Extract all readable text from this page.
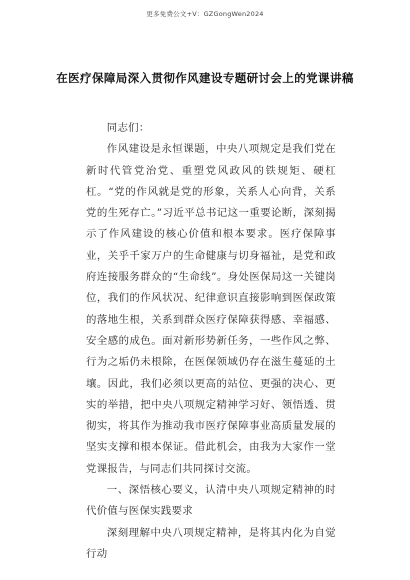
更多免费公文+V：GZGongWen2024
在医疗保障局深入贯彻作风建设专题研讨会上的党课讲稿

同志们：

作风建设是永恒课题，中央八项规定是我们党在新时代管党治党、重塑党风政风的铁规矩、硬杠杠。“党的作风就是党的形象，关系人心向背，关系党的生死存亡。”习近平总书记这一重要论断，深刻揭示了作风建设的核心价值和根本要求。医疗保障事业，关乎千家万户的生命健康与切身福祉，是党和政府连接服务群众的“生命线”。身处医保局这一关键岗位，我们的作风状况、纪律意识直接影响到医保政策的落地生根，关系到群众医疗保障获得感、幸福感、安全感的成色。面对新形势新任务，一些作风之弊、行为之垢仍未根除，在医保领域仍存在滋生蔓延的土壤。因此，我们必须以更高的站位、更强的决心、更实的举措，把中央八项规定精神学习好、领悟透、贯彻实，将其作为推动我市医疗保障事业高质量发展的坚实支撑和根本保证。借此机会，由我为大家作一堂党课报告，与同志们共同探讨交流。

一、深悟核心要义，认清中央八项规定精神的时代价值与医保实践要求

深刻理解中央八项规定精神，是将其内化为自觉行动
